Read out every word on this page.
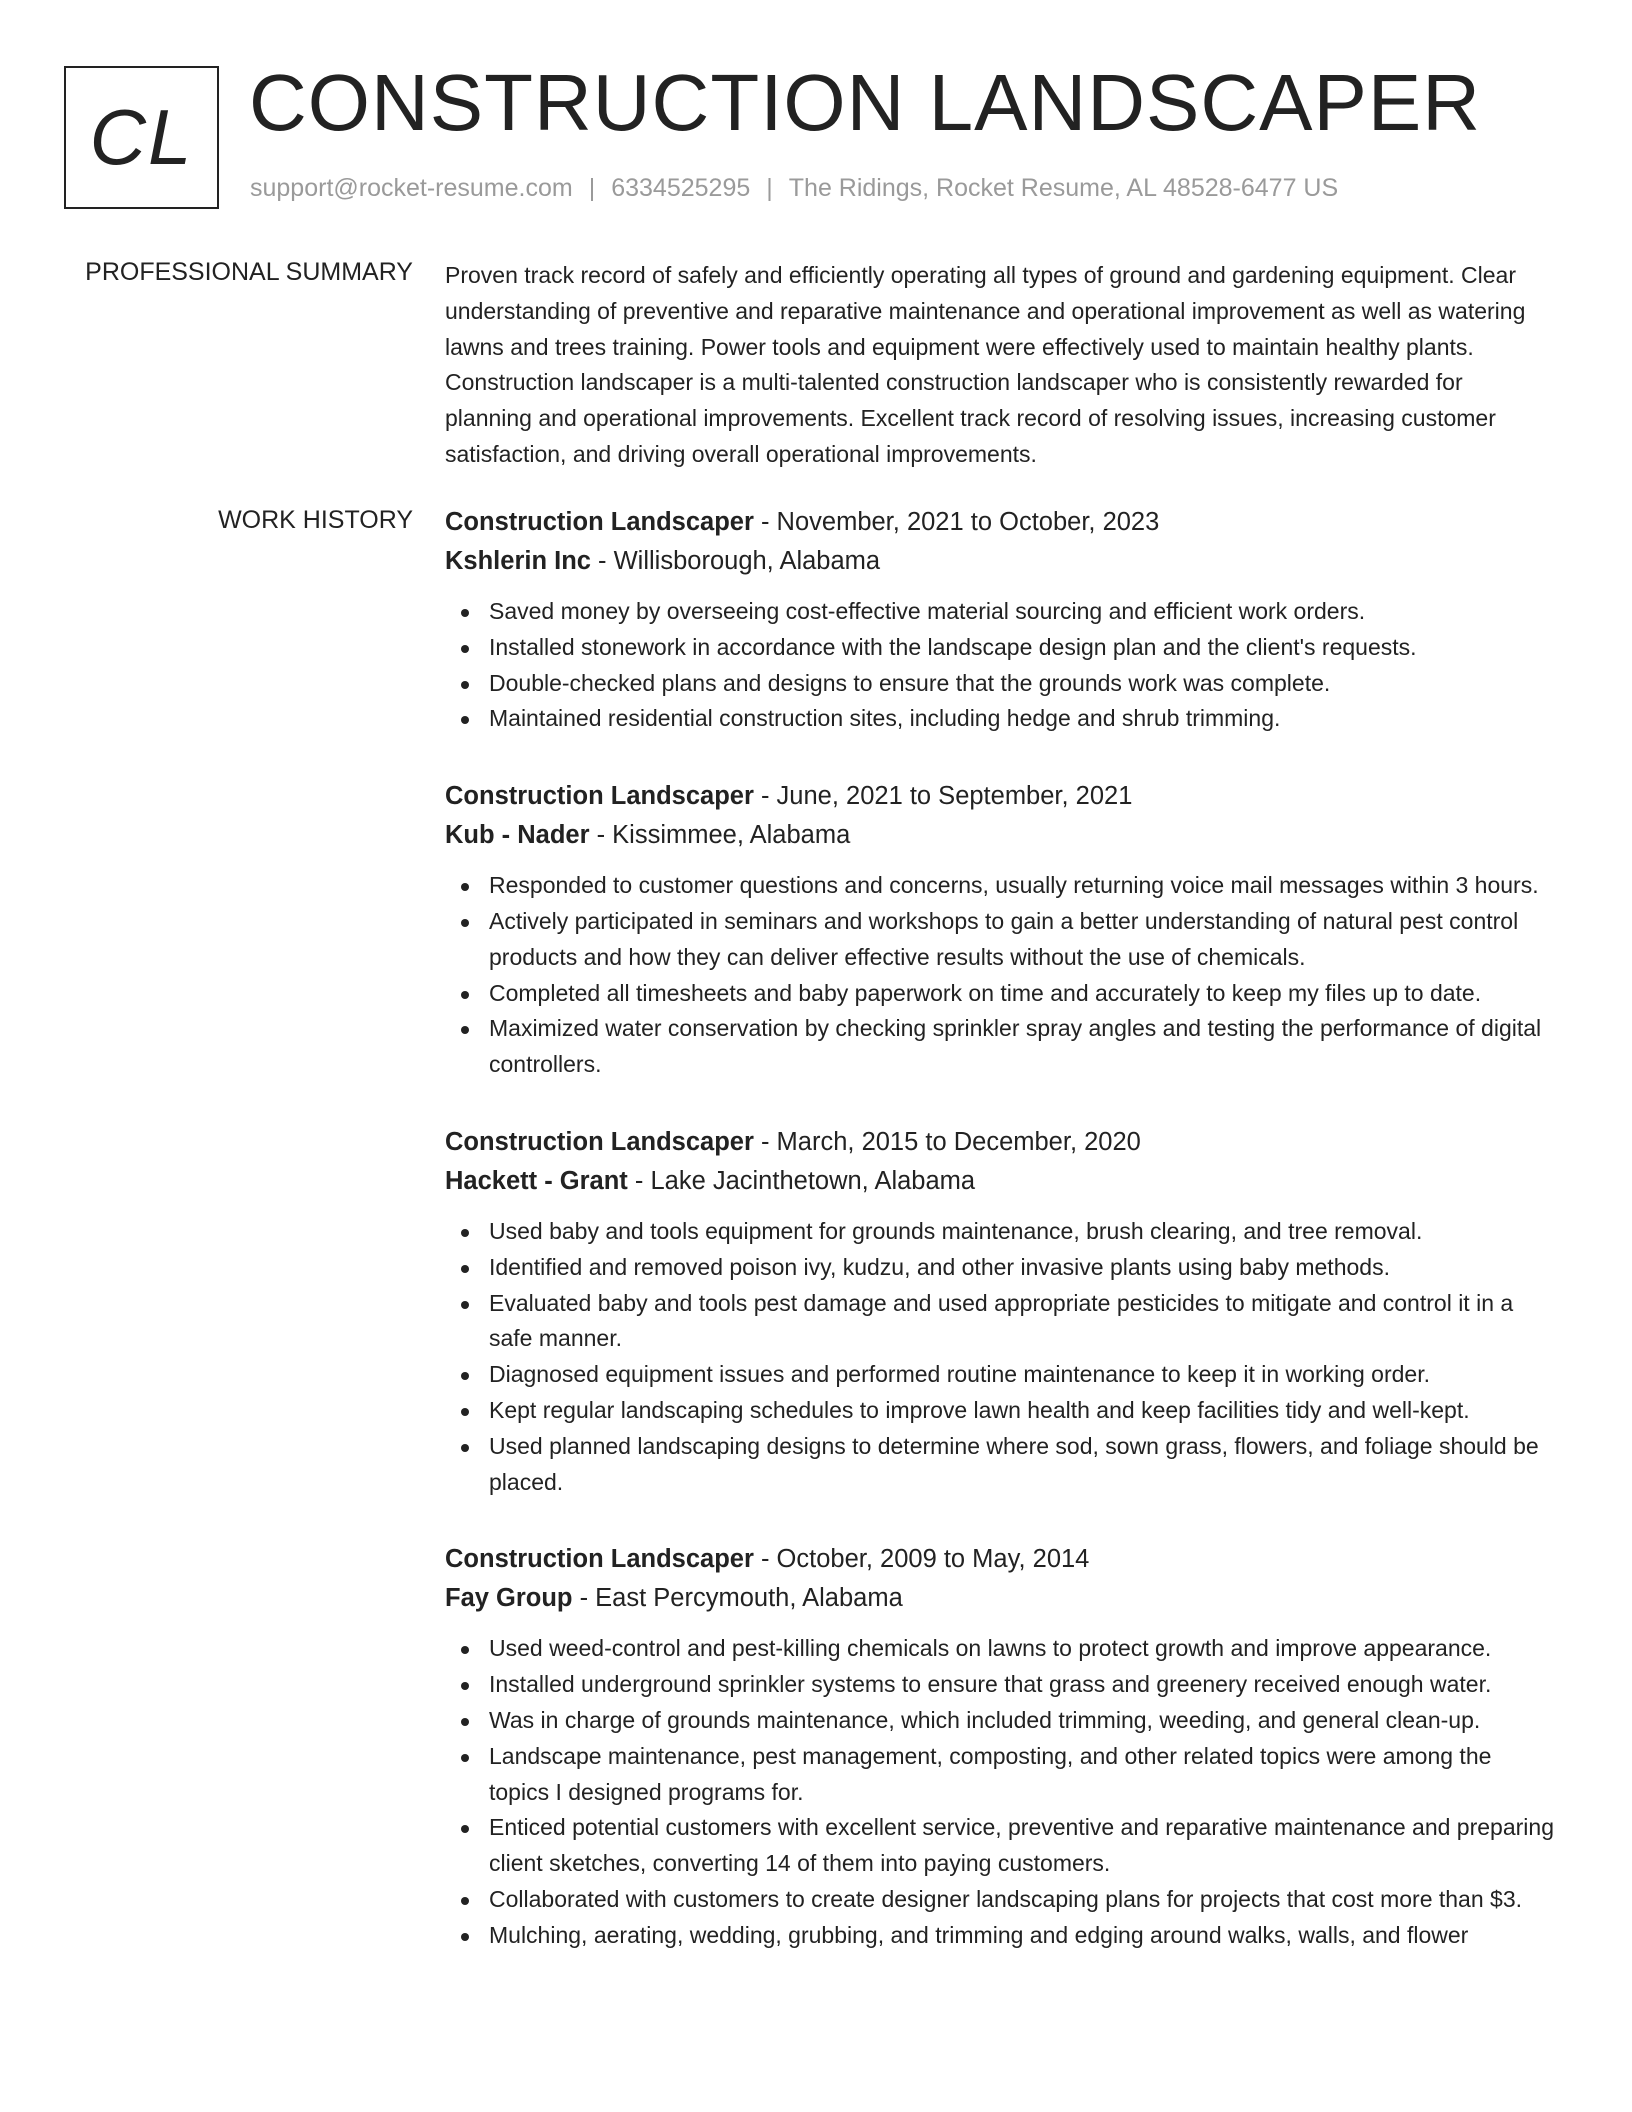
CL CONSTRUCTION LANDSCAPER
support@rocket-resume.com | 6334525295 | The Ridings, Rocket Resume, AL 48528-6477 US
PROFESSIONAL SUMMARY Proven track record of safely and efficiently operating all types of ground and gardening equipment. Clear understanding of preventive and reparative maintenance and operational improvement as well as watering lawns and trees training. Power tools and equipment were effectively used to maintain healthy plants. Construction landscaper is a multi-talented construction landscaper who is consistently rewarded for planning and operational improvements. Excellent track record of resolving issues, increasing customer satisfaction, and driving overall operational improvements.
WORK HISTORY Construction Landscaper - November, 2021 to October, 2023
Kshlerin Inc - Willisborough, Alabama
Saved money by overseeing cost-effective material sourcing and efficient work orders.
Installed stonework in accordance with the landscape design plan and the client's requests.
Double-checked plans and designs to ensure that the grounds work was complete.
Maintained residential construction sites, including hedge and shrub trimming.
Construction Landscaper - June, 2021 to September, 2021
Kub - Nader - Kissimmee, Alabama
Responded to customer questions and concerns, usually returning voice mail messages within 3 hours.
Actively participated in seminars and workshops to gain a better understanding of natural pest control products and how they can deliver effective results without the use of chemicals.
Completed all timesheets and baby paperwork on time and accurately to keep my files up to date.
Maximized water conservation by checking sprinkler spray angles and testing the performance of digital controllers.
Construction Landscaper - March, 2015 to December, 2020
Hackett - Grant - Lake Jacinthetown, Alabama
Used baby and tools equipment for grounds maintenance, brush clearing, and tree removal.
Identified and removed poison ivy, kudzu, and other invasive plants using baby methods.
Evaluated baby and tools pest damage and used appropriate pesticides to mitigate and control it in a safe manner.
Diagnosed equipment issues and performed routine maintenance to keep it in working order.
Kept regular landscaping schedules to improve lawn health and keep facilities tidy and well-kept.
Used planned landscaping designs to determine where sod, sown grass, flowers, and foliage should be placed.
Construction Landscaper - October, 2009 to May, 2014
Fay Group - East Percymouth, Alabama
Used weed-control and pest-killing chemicals on lawns to protect growth and improve appearance.
Installed underground sprinkler systems to ensure that grass and greenery received enough water.
Was in charge of grounds maintenance, which included trimming, weeding, and general clean-up.
Landscape maintenance, pest management, composting, and other related topics were among the topics I designed programs for.
Enticed potential customers with excellent service, preventive and reparative maintenance and preparing client sketches, converting 14 of them into paying customers.
Collaborated with customers to create designer landscaping plans for projects that cost more than $3.
Mulching, aerating, wedding, grubbing, and trimming and edging around walks, walls, and flower
